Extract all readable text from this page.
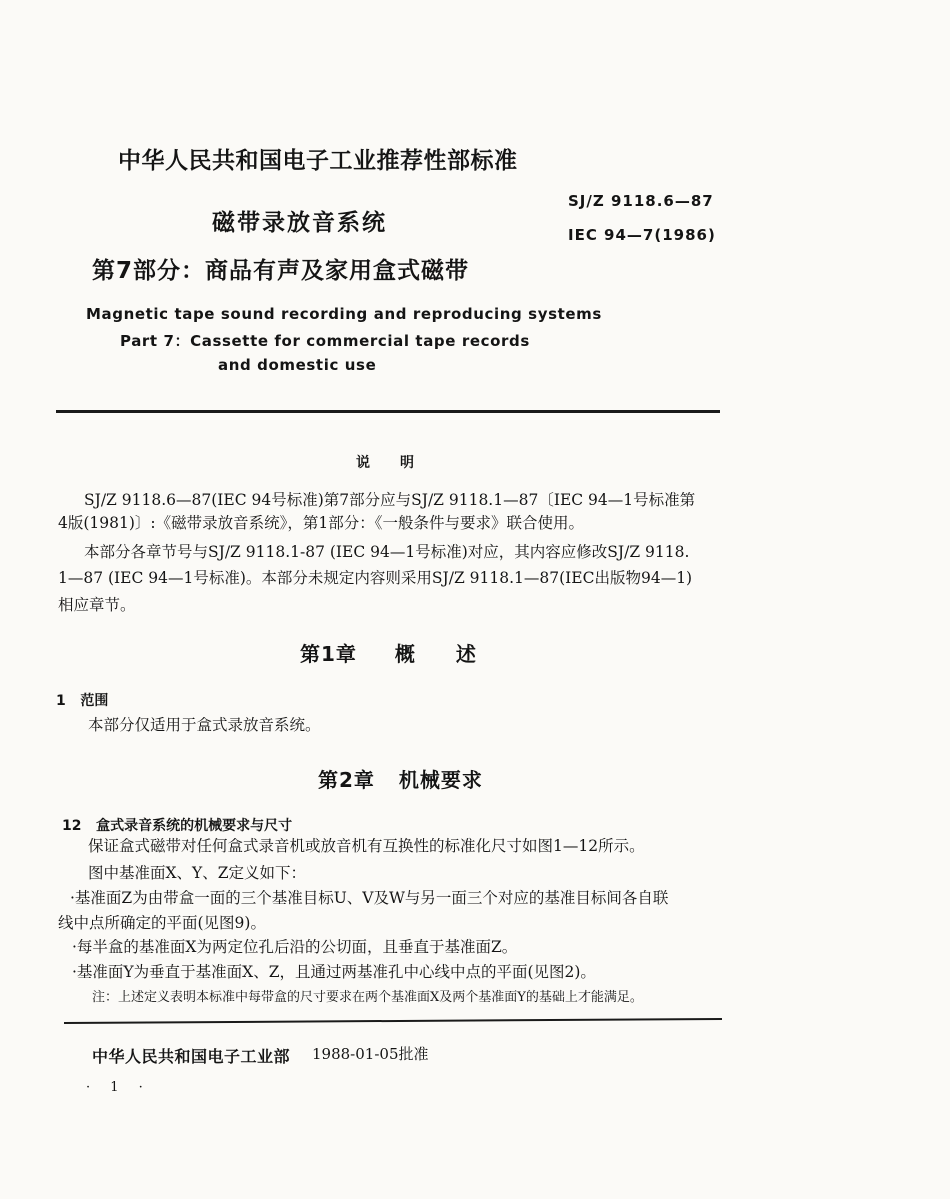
中华人民共和国电子工业推荐性部标准
SJ/Z 9118.6—87
IEC 94—7(1986)
磁带录放音系统
第7部分：商品有声及家用盒式磁带
Magnetic tape sound recording and reproducing systems
Part 7：Cassette for commercial tape records
and domestic use
说明
SJ/Z 9118.6—87(IEC 94号标准)第7部分应与SJ/Z 9118.1—87〔IEC 94—1号标准第
4版(1981)〕:《磁带录放音系统》，第1部分：《一般条件与要求》联合使用。
本部分各章节号与SJ/Z 9118.1-87 (IEC 94—1号标准)对应，其内容应修改SJ/Z 9118.
1—87 (IEC 94—1号标准)。本部分未规定内容则采用SJ/Z 9118.1—87(IEC出版物94—1)
相应章节。
第1章 概 述
1 范围
本部分仅适用于盒式录放音系统。
第2章 机械要求
12 盒式录音系统的机械要求与尺寸
保证盒式磁带对任何盒式录音机或放音机有互换性的标准化尺寸如图1—12所示。
图中基准面X、Y、Z定义如下：
·基准面Z为由带盒一面的三个基准目标U、V及W与另一面三个对应的基准目标间各自联
线中点所确定的平面(见图9)。
·每半盒的基准面X为两定位孔后沿的公切面，且垂直于基准面Z。
·基准面Y为垂直于基准面X、Z，且通过两基准孔中心线中点的平面(见图2)。
注：上述定义表明本标准中每带盒的尺寸要求在两个基准面X及两个基准面Y的基础上才能满足。
中华人民共和国电子工业部 1988-01-05批准
· 1 ·
